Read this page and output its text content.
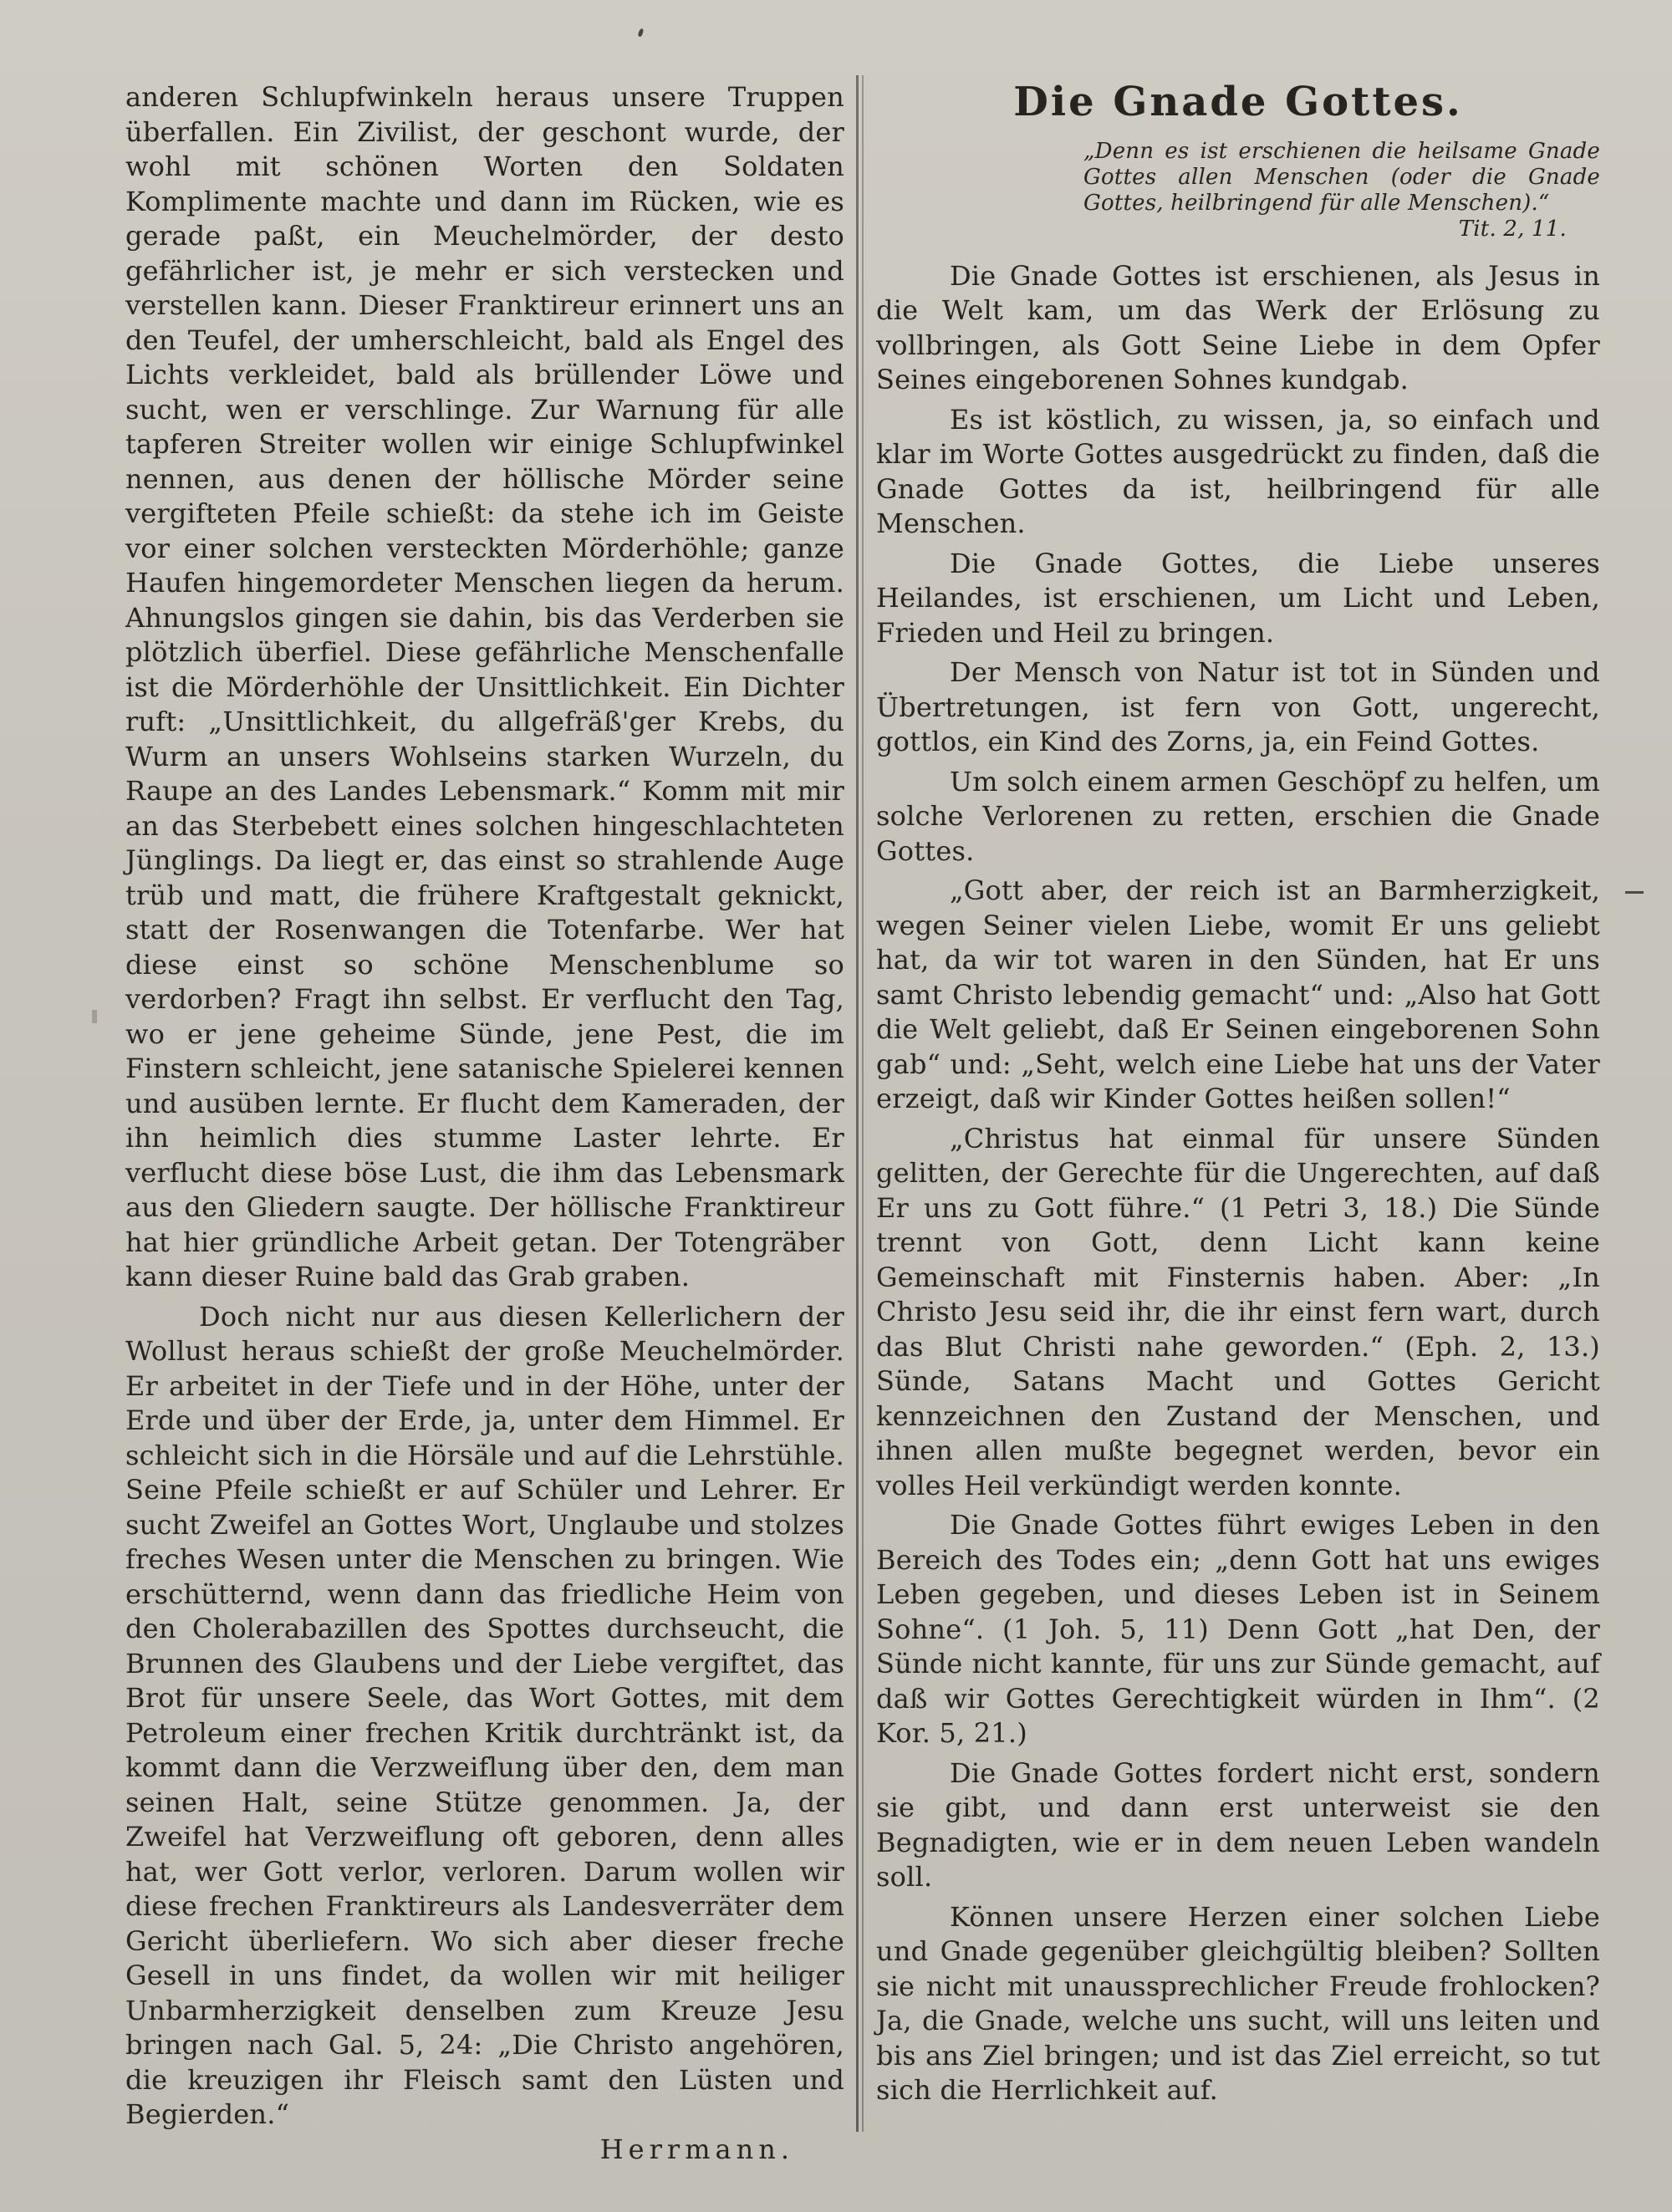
anderen Schlupfwinkeln heraus unsere Truppen überfallen. Ein Zivilist, der geschont wurde, der wohl mit schönen Worten den Soldaten Komplimente machte und dann im Rücken, wie es gerade paßt, ein Meuchelmörder, der desto gefährlicher ist, je mehr er sich verstecken und verstellen kann. Dieser Franktireur erinnert uns an den Teufel, der umherschleicht, bald als Engel des Lichts verkleidet, bald als brüllender Löwe und sucht, wen er verschlinge. Zur Warnung für alle tapferen Streiter wollen wir einige Schlupfwinkel nennen, aus denen der höllische Mörder seine vergifteten Pfeile schießt: da stehe ich im Geiste vor einer solchen versteckten Mörderhöhle; ganze Haufen hingemordeter Menschen liegen da herum. Ahnungslos gingen sie dahin, bis das Verderben sie plötzlich überfiel. Diese gefährliche Menschenfalle ist die Mörderhöhle der Unsittlichkeit. Ein Dichter ruft: „Unsittlichkeit, du allgefräß'ger Krebs, du Wurm an unsers Wohlseins starken Wurzeln, du Raupe an des Landes Lebensmark.“ Komm mit mir an das Sterbebett eines solchen hingeschlachteten Jünglings. Da liegt er, das einst so strahlende Auge trüb und matt, die frühere Kraftgestalt geknickt, statt der Rosenwangen die Totenfarbe. Wer hat diese einst so schöne Menschenblume so verdorben? Fragt ihn selbst. Er verflucht den Tag, wo er jene geheime Sünde, jene Pest, die im Finstern schleicht, jene satanische Spielerei kennen und ausüben lernte. Er flucht dem Kameraden, der ihn heimlich dies stumme Laster lehrte. Er verflucht diese böse Lust, die ihm das Lebensmark aus den Gliedern saugte. Der höllische Franktireur hat hier gründliche Arbeit getan. Der Totengräber kann dieser Ruine bald das Grab graben.

Doch nicht nur aus diesen Kellerlichern der Wollust heraus schießt der große Meuchelmörder. Er arbeitet in der Tiefe und in der Höhe, unter der Erde und über der Erde, ja, unter dem Himmel. Er schleicht sich in die Hörsäle und auf die Lehrstühle. Seine Pfeile schießt er auf Schüler und Lehrer. Er sucht Zweifel an Gottes Wort, Unglaube und stolzes freches Wesen unter die Menschen zu bringen. Wie erschütternd, wenn dann das friedliche Heim von den Cholerabazillen des Spottes durchseucht, die Brunnen des Glaubens und der Liebe vergiftet, das Brot für unsere Seele, das Wort Gottes, mit dem Petroleum einer frechen Kritik durchtränkt ist, da kommt dann die Verzweiflung über den, dem man seinen Halt, seine Stütze genommen. Ja, der Zweifel hat Verzweiflung oft geboren, denn alles hat, wer Gott verlor, verloren. Darum wollen wir diese frechen Franktireurs als Landesverräter dem Gericht überliefern. Wo sich aber dieser freche Gesell in uns findet, da wollen wir mit heiliger Unbarmherzigkeit denselben zum Kreuze Jesu bringen nach Gal. 5, 24: „Die Christo angehören, die kreuzigen ihr Fleisch samt den Lüsten und Begierden.“

Herrmann.

Die Gnade Gottes.

„Denn es ist erschienen die heilsame Gnade Gottes allen Menschen (oder die Gnade Gottes, heilbringend für alle Menschen).“

Tit. 2, 11.

Die Gnade Gottes ist erschienen, als Jesus in die Welt kam, um das Werk der Erlösung zu vollbringen, als Gott Seine Liebe in dem Opfer Seines eingeborenen Sohnes kundgab.

Es ist köstlich, zu wissen, ja, so einfach und klar im Worte Gottes ausgedrückt zu finden, daß die Gnade Gottes da ist, heilbringend für alle Menschen.

Die Gnade Gottes, die Liebe unseres Heilandes, ist erschienen, um Licht und Leben, Frieden und Heil zu bringen.

Der Mensch von Natur ist tot in Sünden und Übertretungen, ist fern von Gott, ungerecht, gottlos, ein Kind des Zorns, ja, ein Feind Gottes.

Um solch einem armen Geschöpf zu helfen, um solche Verlorenen zu retten, erschien die Gnade Gottes.

„Gott aber, der reich ist an Barmherzigkeit, wegen Seiner vielen Liebe, womit Er uns geliebt hat, da wir tot waren in den Sünden, hat Er uns samt Christo lebendig gemacht“ und: „Also hat Gott die Welt geliebt, daß Er Seinen eingeborenen Sohn gab“ und: „Seht, welch eine Liebe hat uns der Vater erzeigt, daß wir Kinder Gottes heißen sollen!“

„Christus hat einmal für unsere Sünden gelitten, der Gerechte für die Ungerechten, auf daß Er uns zu Gott führe.“ (1 Petri 3, 18.) Die Sünde trennt von Gott, denn Licht kann keine Gemeinschaft mit Finsternis haben. Aber: „In Christo Jesu seid ihr, die ihr einst fern wart, durch das Blut Christi nahe geworden.“ (Eph. 2, 13.) Sünde, Satans Macht und Gottes Gericht kennzeichnen den Zustand der Menschen, und ihnen allen mußte begegnet werden, bevor ein volles Heil verkündigt werden konnte.

Die Gnade Gottes führt ewiges Leben in den Bereich des Todes ein; „denn Gott hat uns ewiges Leben gegeben, und dieses Leben ist in Seinem Sohne“. (1 Joh. 5, 11) Denn Gott „hat Den, der Sünde nicht kannte, für uns zur Sünde gemacht, auf daß wir Gottes Gerechtigkeit würden in Ihm“. (2 Kor. 5, 21.)

Die Gnade Gottes fordert nicht erst, sondern sie gibt, und dann erst unterweist sie den Begnadigten, wie er in dem neuen Leben wandeln soll.

Können unsere Herzen einer solchen Liebe und Gnade gegenüber gleichgültig bleiben? Sollten sie nicht mit unaussprechlicher Freude frohlocken? Ja, die Gnade, welche uns sucht, will uns leiten und bis ans Ziel bringen; und ist das Ziel erreicht, so tut sich die Herrlichkeit auf.
